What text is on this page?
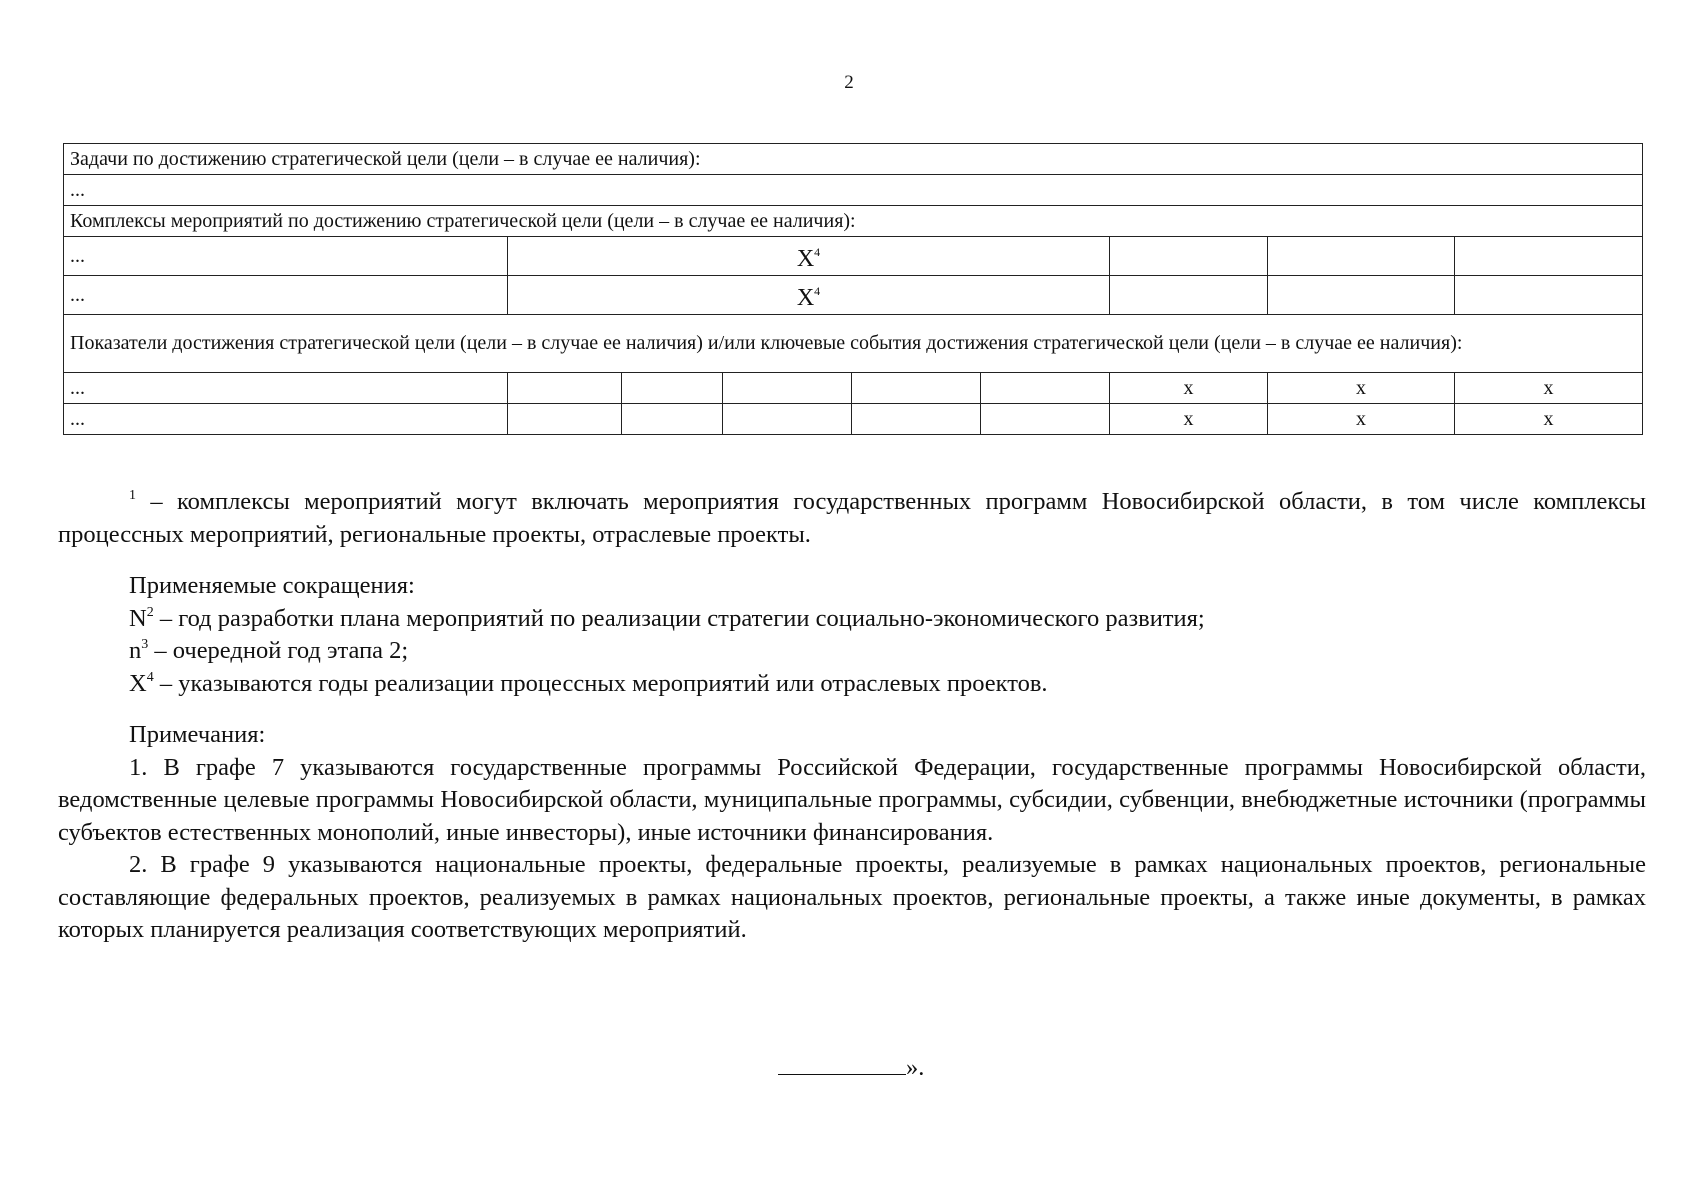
2
Задачи по достижению стратегической цели (цели – в случае ее наличия):								
...								
Комплексы мероприятий по достижению стратегической цели (цели – в случае ее наличия):								
...	$X^4$			
...	$X^4$			
Показатели достижения стратегической цели (цели – в случае ее наличия) и/или ключевые события достижения стратегической цели (цели – в случае ее наличия):								
...						x	x	x
...						x	x	x

$^1$ – комплексы мероприятий могут включать мероприятия государственных программ Новосибирской области, в том числе комплексы процессных мероприятий, региональные проекты, отраслевые проекты.

Применяемые сокращения:

N$^2$ – год разработки плана мероприятий по реализации стратегии социально-экономического развития;

n$^3$ – очередной год этапа 2;

X$^4$ – указываются годы реализации процессных мероприятий или отраслевых проектов.

Примечания:

1. В графе 7 указываются государственные программы Российской Федерации, государственные программы Новосибирской области, ведомственные целевые программы Новосибирской области, муниципальные программы, субсидии, субвенции, внебюджетные источники (программы субъектов естественных монополий, иные инвесторы), иные источники финансирования.

2. В графе 9 указываются национальные проекты, федеральные проекты, реализуемые в рамках национальных проектов, региональные составляющие федеральных проектов, реализуемых в рамках национальных проектов, региональные проекты, а также иные документы, в рамках которых планируется реализация соответствующих мероприятий.

».
